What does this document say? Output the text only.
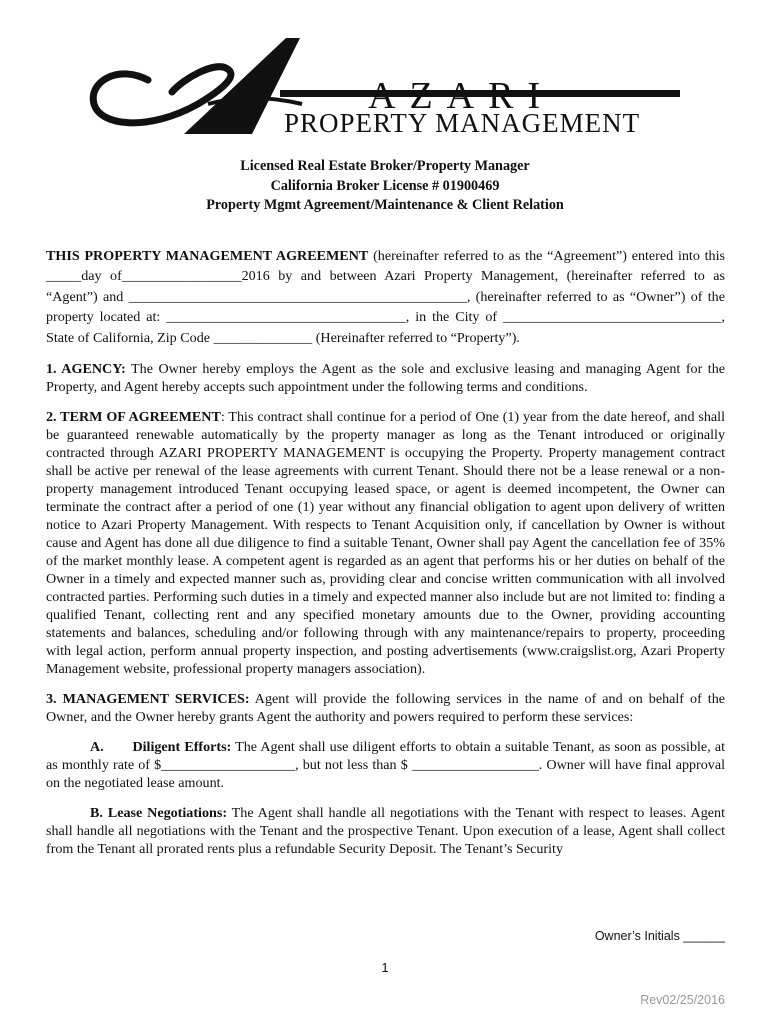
AZARI
PROPERTY MANAGEMENT
Licensed Real Estate Broker/Property Manager
California Broker License # 01900469
Property Mgmt Agreement/Maintenance & Client Relation

THIS PROPERTY MANAGEMENT AGREEMENT (hereinafter referred to as the “Agreement”) entered into this _____day of_________________2016 by and between Azari Property Management, (hereinafter referred to as “Agent”) and ________________________________________________, (hereinafter referred to as “Owner”) of the property located at: __________________________________, in the City of _______________________________, State of California, Zip Code ______________ (Hereinafter referred to “Property”).

1. AGENCY: The Owner hereby employs the Agent as the sole and exclusive leasing and managing Agent for the Property, and Agent hereby accepts such appointment under the following terms and conditions.

2. TERM OF AGREEMENT: This contract shall continue for a period of One (1) year from the date hereof, and shall be guaranteed renewable automatically by the property manager as long as the Tenant introduced or originally contracted through AZARI PROPERTY MANAGEMENT is occupying the Property. Property management contract shall be active per renewal of the lease agreements with current Tenant. Should there not be a lease renewal or a non-property management introduced Tenant occupying leased space, or agent is deemed incompetent, the Owner can terminate the contract after a period of one (1) year without any financial obligation to agent upon delivery of written notice to Azari Property Management. With respects to Tenant Acquisition only, if cancellation by Owner is without cause and Agent has done all due diligence to find a suitable Tenant, Owner shall pay Agent the cancellation fee of 35% of the market monthly lease. A competent agent is regarded as an agent that performs his or her duties on behalf of the Owner in a timely and expected manner such as, providing clear and concise written communication with all involved contracted parties. Performing such duties in a timely and expected manner also include but are not limited to: finding a qualified Tenant, collecting rent and any specified monetary amounts due to the Owner, providing accounting statements and balances, scheduling and/or following through with any maintenance/repairs to property, proceeding with legal action, perform annual property inspection, and posting advertisements (www.craigslist.org, Azari Property Management website, professional property managers association).

3. MANAGEMENT SERVICES: Agent will provide the following services in the name of and on behalf of the Owner, and the Owner hereby grants Agent the authority and powers required to perform these services:

A. Diligent Efforts: The Agent shall use diligent efforts to obtain a suitable Tenant, as soon as possible, at as monthly rate of $___________________, but not less than $ __________________. Owner will have final approval on the negotiated lease amount.

B. Lease Negotiations: The Agent shall handle all negotiations with the Tenant with respect to leases. Agent shall handle all negotiations with the Tenant and the prospective Tenant. Upon execution of a lease, Agent shall collect from the Tenant all prorated rents plus a refundable Security Deposit. The Tenant’s Security

Owner’s Initials ______
1
Rev02/25/2016
